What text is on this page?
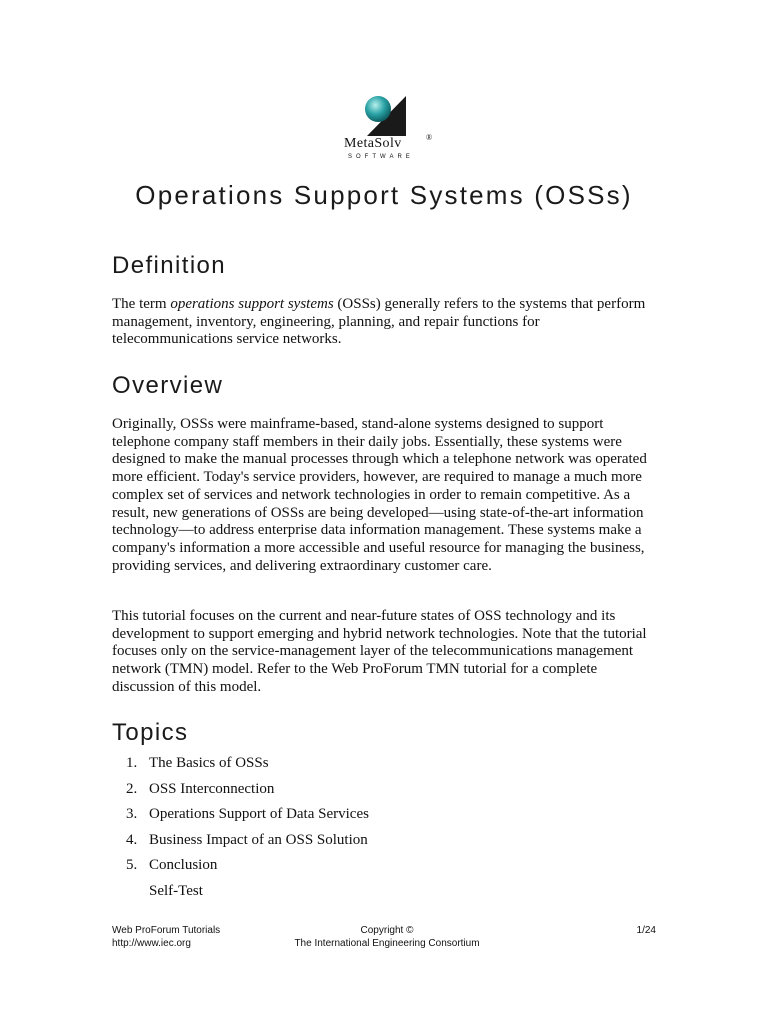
MetaSolv	®
SOFTWARE
Operations Support Systems (OSSs)
Definition

The term operations support systems (OSSs) generally refers to the systems that perform management, inventory, engineering, planning, and repair functions for telecommunications service networks.

Overview

Originally, OSSs were mainframe-based, stand-alone systems designed to support telephone company staff members in their daily jobs. Essentially, these systems were designed to make the manual processes through which a telephone network was operated more efficient. Today's service providers, however, are required to manage a much more complex set of services and network technologies in order to remain competitive. As a result, new generations of OSSs are being developed—using state-of-the-art information technology—to address enterprise data information management. These systems make a company's information a more accessible and useful resource for managing the business, providing services, and delivering extraordinary customer care.

This tutorial focuses on the current and near-future states of OSS technology and its development to support emerging and hybrid network technologies. Note that the tutorial focuses only on the service-management layer of the telecommunications management network (TMN) model. Refer to the Web ProForum TMN tutorial for a complete discussion of this model.

Topics
1. The Basics of OSSs
2. OSS Interconnection
3. Operations Support of Data Services
4. Business Impact of an OSS Solution
5. Conclusion
Self-Test
Web ProForum Tutorials
http://www.iec.org
Copyright ©
The International Engineering Consortium
1/24
